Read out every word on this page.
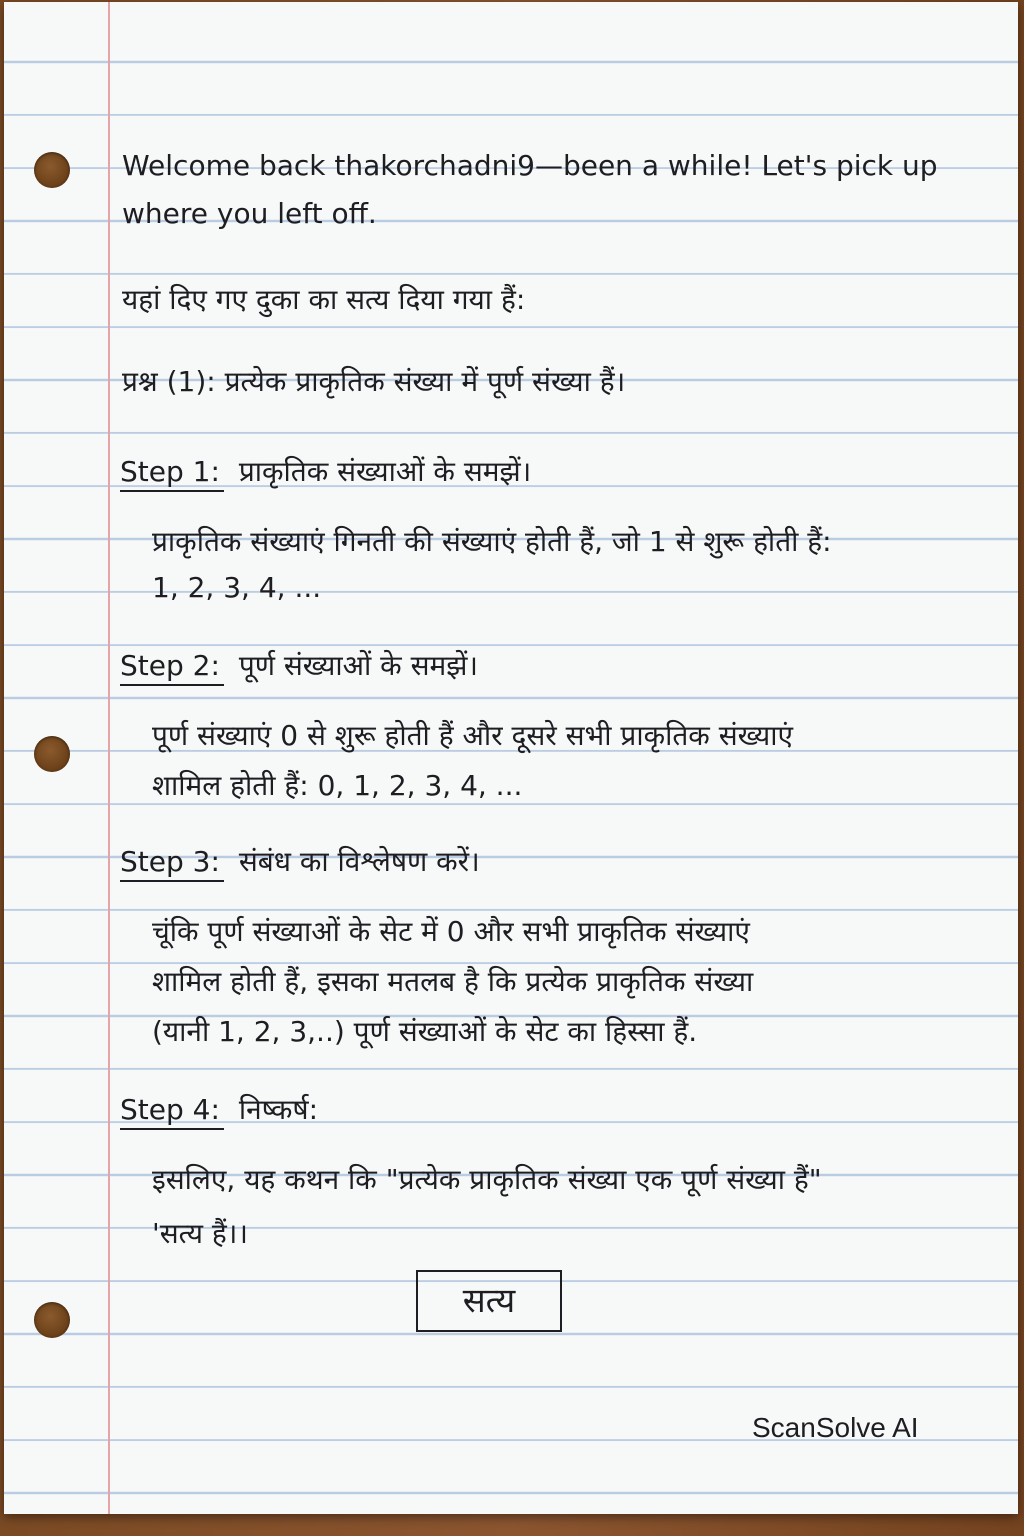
Welcome back thakorchadni9—been a while! Let's pick up
where you left off.
यहां दिए गए दुका का सत्य दिया गया हैं:
प्रश्न (1): प्रत्येक प्राकृतिक संख्या में पूर्ण संख्या हैं।
Step 1: प्राकृतिक संख्याओं के समझें।
प्राकृतिक संख्याएं गिनती की संख्याएं होती हैं, जो 1 से शुरू होती हैं:
1, 2, 3, 4, ...
Step 2: पूर्ण संख्याओं के समझें।
पूर्ण संख्याएं 0 से शुरू होती हैं और दूसरे सभी प्राकृतिक संख्याएं
शामिल होती हैं: 0, 1, 2, 3, 4, ...
Step 3: संबंध का विश्लेषण करें।
चूंकि पूर्ण संख्याओं के सेट में 0 और सभी प्राकृतिक संख्याएं
शामिल होती हैं, इसका मतलब है कि प्रत्येक प्राकृतिक संख्या
(यानी 1, 2, 3,..) पूर्ण संख्याओं के सेट का हिस्सा हैं.
Step 4: निष्कर्ष:
इसलिए, यह कथन कि "प्रत्येक प्राकृतिक संख्या एक पूर्ण संख्या हैं"
'सत्य हैं।।
सत्य
ScanSolve AI
